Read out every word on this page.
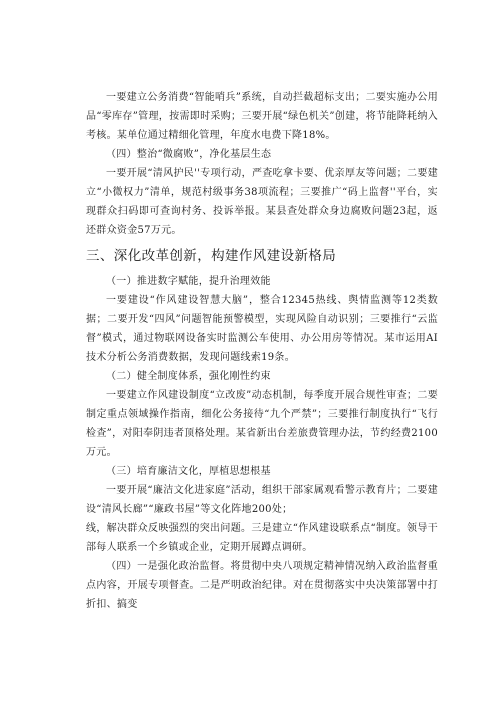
一要建立公务消费“智能哨兵”系统，自动拦截超标支出；二要实施办公用品“零库存”管理，按需即时采购；三要开展“绿色机关”创建，将节能降耗纳入考核。某单位通过精细化管理，年度水电费下降18%。

（四）整治“微腐败”，净化基层生态

一要开展“清风护民''专项行动，严查吃拿卡要、优亲厚友等问题；二要建立“小微权力”清单，规范村级事务38项流程；三要推广“码上监督''平台，实现群众扫码即可查询村务、投诉举报。某县查处群众身边腐败问题23起，返还群众资金57万元。

三、深化改革创新，构建作风建设新格局

（一）推进数字赋能，提升治理效能

一要建设“作风建设智慧大脑”，整合12345热线、舆情监测等12类数据；二要开发“四风”问题智能预警模型，实现风险自动识别；三要推行“云监督”模式，通过物联网设备实时监测公车使用、办公用房等情况。某市运用AI技术分析公务消费数据，发现问题线索19条。

（二）健全制度体系，强化刚性约束

一要建立作风建设制度“立改废”动态机制，每季度开展合规性审查；二要制定重点领域操作指南，细化公务接待“九个严禁”；三要推行制度执行“飞行检查”，对阳奉阴违者顶格处理。某省新出台差旅费管理办法，节约经费2100万元。

（三）培育廉洁文化，厚植思想根基

一要开展“廉洁文化进家庭”活动，组织干部家属观看警示教育片；二要建设“清风长廊”“廉政书屋”等文化阵地200处；

线，解决群众反映强烈的突出问题。三是建立“作风建设联系点“制度。领导干部每人联系一个乡镇或企业，定期开展蹲点调研。

（四）一是强化政治监督。将贯彻中央八项规定精神情况纳入政治监督重点内容，开展专项督查。二是严明政治纪律。对在贯彻落实中央决策部署中打折扣、搞变
